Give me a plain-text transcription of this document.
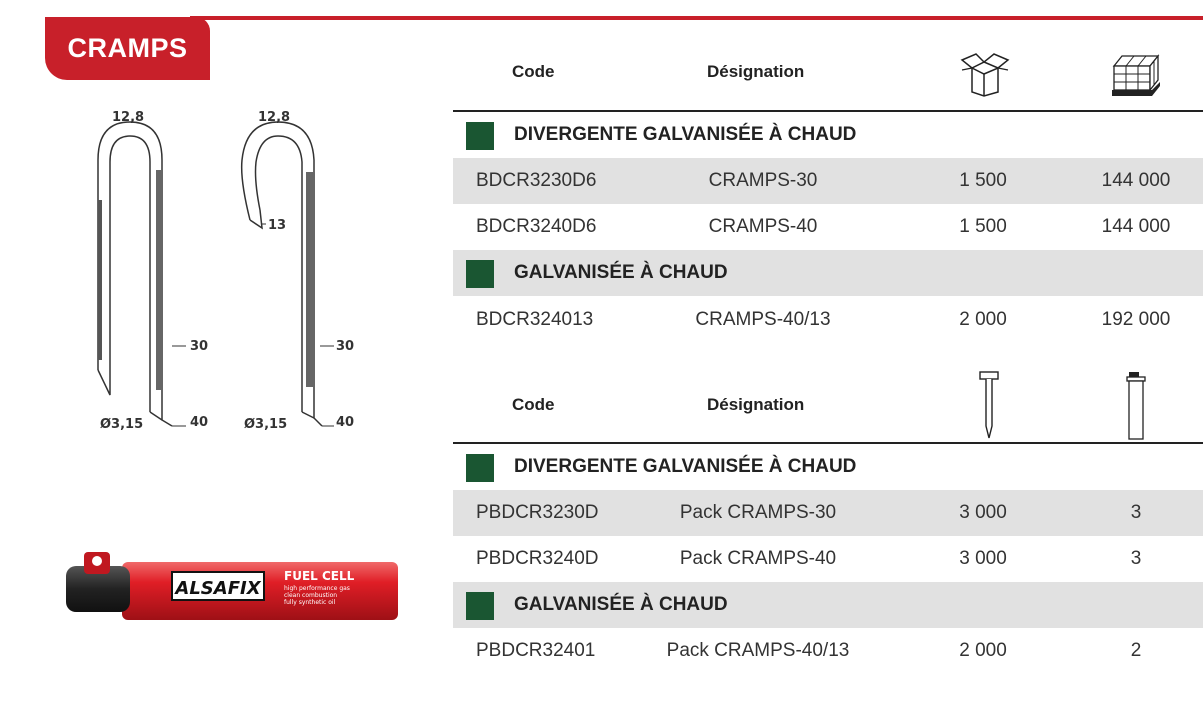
CRAMPS
12,8
30
40
Ø3,15
12,8
13
30
40
Ø3,15
ALSAFIX
FUEL CELL
high performance gas
clean combustion
fully synthetic oil
Code	Désignation
DIVERGENTE GALVANISÉE À CHAUD
BDCR3230D6	CRAMPS-30	1 500	144 000
BDCR3240D6	CRAMPS-40	1 500	144 000
GALVANISÉE À CHAUD
BDCR324013	CRAMPS-40/13	2 000	192 000
Code	Désignation
DIVERGENTE GALVANISÉE À CHAUD
PBDCR3230D	Pack CRAMPS-30	3 000	3
PBDCR3240D	Pack CRAMPS-40	3 000	3
GALVANISÉE À CHAUD
PBDCR32401	Pack CRAMPS-40/13	2 000	2
